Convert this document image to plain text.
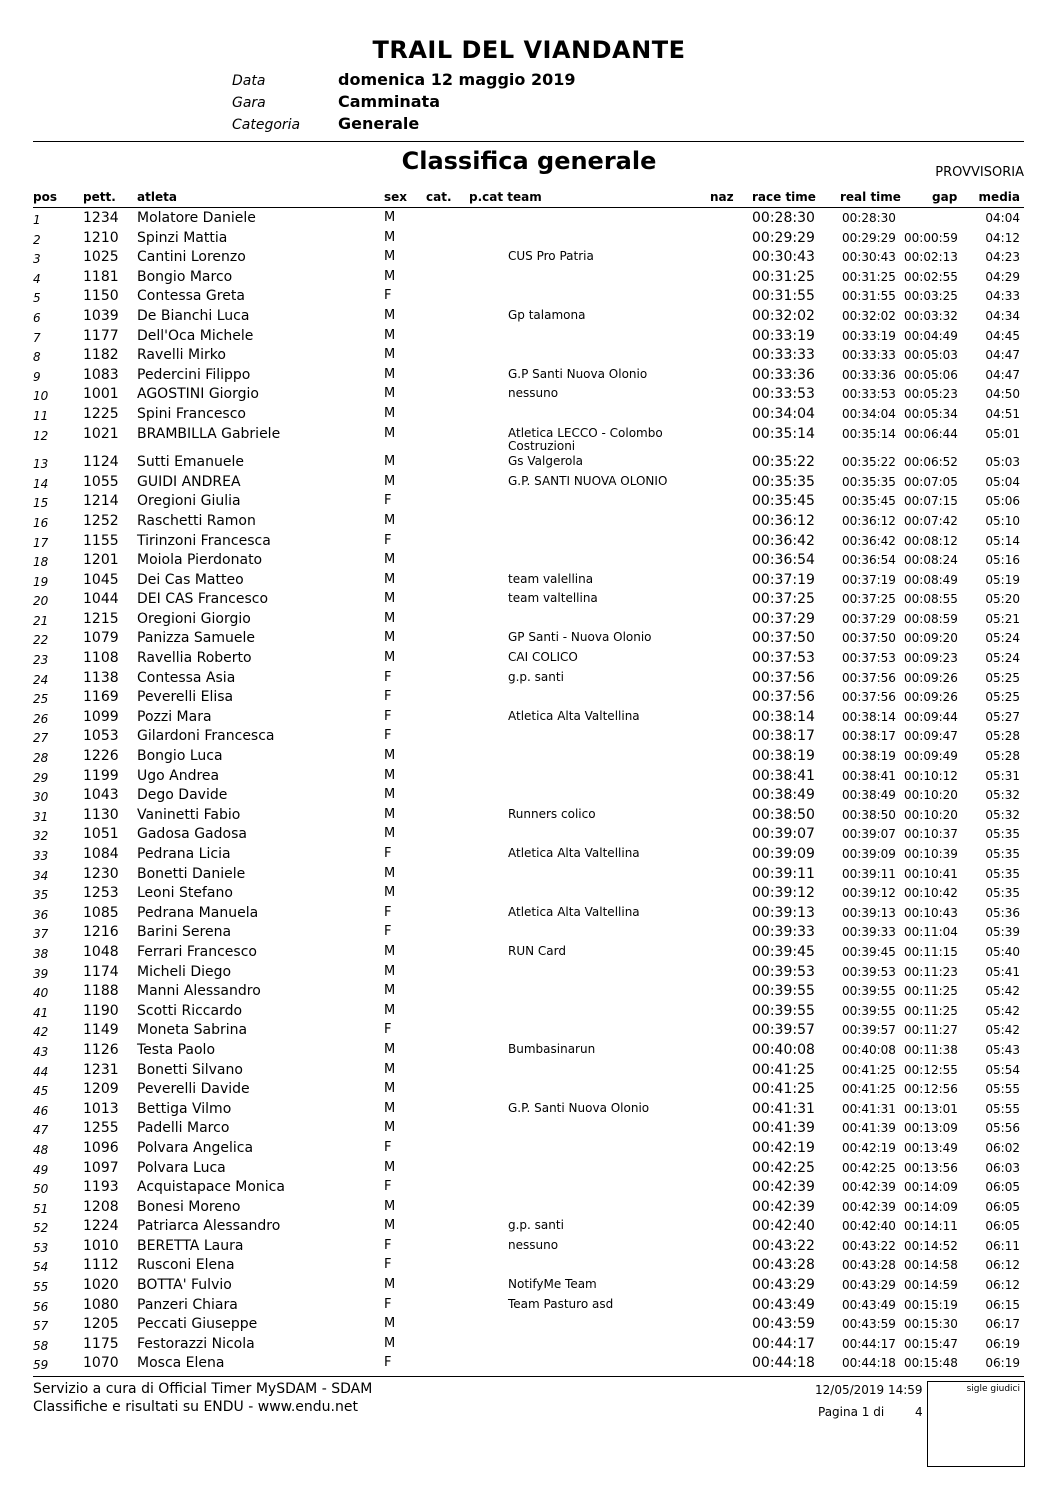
TRAIL DEL VIANDANTE
Data	domenica 12 maggio 2019
Gara	Camminata
Categoria Generale
Classifica generale	PROVVISORIA
pos pett. atleta	sex cat. p.cat team	naz race time real time	gap media
1	1234 Molatore Daniele	M	00:28:30 00:28:30	04:04
2	1210 Spinzi Mattia	M	00:29:29 00:29:29 00:00:59 04:12
3	1025 Cantini Lorenzo	M	CUS Pro Patria	00:30:43 00:30:43 00:02:13 04:23
4	1181 Bongio Marco	M	00:31:25 00:31:25 00:02:55 04:29
5	1150 Contessa Greta	F	00:31:55 00:31:55 00:03:25 04:33
6	1039 De Bianchi Luca	M	Gp talamona	00:32:02 00:32:02 00:03:32 04:34
7	1177 Dell'Oca Michele	M	00:33:19 00:33:19 00:04:49 04:45
8	1182 Ravelli Mirko	M	00:33:33 00:33:33 00:05:03 04:47
9	1083 Pedercini Filippo	M	G.P Santi Nuova Olonio	00:33:36 00:33:36 00:05:06 04:47
10 1001 AGOSTINI Giorgio	M	nessuno	00:33:53 00:33:53 00:05:23 04:50
11 1225 Spini Francesco	M	00:34:04 00:34:04 00:05:34 04:51
12 1021 BRAMBILLA Gabriele	M	Atletica LECCO - Colombo Costruzioni
00:35:14 00:35:14 00:06:44 05:01
13 1124 Sutti Emanuele	M	Gs Valgerola	00:35:22 00:35:22 00:06:52 05:03
14 1055 GUIDI ANDREA	M	G.P. SANTI NUOVA OLONIO	00:35:35 00:35:35 00:07:05 05:04
15 1214 Oregioni Giulia	F	00:35:45 00:35:45 00:07:15 05:06
16 1252 Raschetti Ramon	M	00:36:12 00:36:12 00:07:42 05:10
17 1155 Tirinzoni Francesca	F	00:36:42 00:36:42 00:08:12 05:14
18 1201 Moiola Pierdonato	M	00:36:54 00:36:54 00:08:24 05:16
19 1045 Dei Cas Matteo	M	team valellina	00:37:19 00:37:19 00:08:49 05:19
20 1044 DEI CAS Francesco	M	team valtellina	00:37:25 00:37:25 00:08:55 05:20
21 1215 Oregioni Giorgio	M	00:37:29 00:37:29 00:08:59 05:21
22 1079 Panizza Samuele	M	GP Santi - Nuova Olonio	00:37:50 00:37:50 00:09:20 05:24
23 1108 Ravellia Roberto	M	CAI COLICO	00:37:53 00:37:53 00:09:23 05:24
24 1138 Contessa Asia	F	g.p. santi	00:37:56 00:37:56 00:09:26 05:25
25 1169 Peverelli Elisa	F	00:37:56 00:37:56 00:09:26 05:25
26 1099 Pozzi Mara	F	Atletica Alta Valtellina	00:38:14 00:38:14 00:09:44 05:27
27 1053 Gilardoni Francesca	F	00:38:17 00:38:17 00:09:47 05:28
28 1226 Bongio Luca	M	00:38:19 00:38:19 00:09:49 05:28
29 1199 Ugo Andrea	M	00:38:41 00:38:41 00:10:12 05:31
30 1043 Dego Davide	M	00:38:49 00:38:49 00:10:20 05:32
31 1130 Vaninetti Fabio	M	Runners colico	00:38:50 00:38:50 00:10:20 05:32
32 1051 Gadosa Gadosa	M	00:39:07 00:39:07 00:10:37 05:35
33 1084 Pedrana Licia	F	Atletica Alta Valtellina	00:39:09 00:39:09 00:10:39 05:35
34 1230 Bonetti Daniele	M	00:39:11 00:39:11 00:10:41 05:35
35 1253 Leoni Stefano	M	00:39:12 00:39:12 00:10:42 05:35
36 1085 Pedrana Manuela	F	Atletica Alta Valtellina	00:39:13 00:39:13 00:10:43 05:36
37 1216 Barini Serena	F	00:39:33 00:39:33 00:11:04 05:39
38 1048 Ferrari Francesco	M	RUN Card	00:39:45 00:39:45 00:11:15 05:40
39 1174 Micheli Diego	M	00:39:53 00:39:53 00:11:23 05:41
40 1188 Manni Alessandro	M	00:39:55 00:39:55 00:11:25 05:42
41 1190 Scotti Riccardo	M	00:39:55 00:39:55 00:11:25 05:42
42 1149 Moneta Sabrina	F	00:39:57 00:39:57 00:11:27 05:42
43 1126 Testa Paolo	M	Bumbasinarun	00:40:08 00:40:08 00:11:38 05:43
44 1231 Bonetti Silvano	M	00:41:25 00:41:25 00:12:55 05:54
45 1209 Peverelli Davide	M	00:41:25 00:41:25 00:12:56 05:55
46 1013 Bettiga Vilmo	M	G.P. Santi Nuova Olonio	00:41:31 00:41:31 00:13:01 05:55
47 1255 Padelli Marco	M	00:41:39 00:41:39 00:13:09 05:56
48 1096 Polvara Angelica	F	00:42:19 00:42:19 00:13:49 06:02
49 1097 Polvara Luca	M	00:42:25 00:42:25 00:13:56 06:03
50 1193 Acquistapace Monica	F	00:42:39 00:42:39 00:14:09 06:05
51 1208 Bonesi Moreno	M	00:42:39 00:42:39 00:14:09 06:05
52 1224 Patriarca Alessandro	M	g.p. santi	00:42:40 00:42:40 00:14:11 06:05
53 1010 BERETTA Laura	F	nessuno	00:43:22 00:43:22 00:14:52 06:11
54 1112 Rusconi Elena	F	00:43:28 00:43:28 00:14:58 06:12
55 1020 BOTTA' Fulvio	M	NotifyMe Team	00:43:29 00:43:29 00:14:59 06:12
56 1080 Panzeri Chiara	F	Team Pasturo asd	00:43:49 00:43:49 00:15:19 06:15
57 1205 Peccati Giuseppe	M	00:43:59 00:43:59 00:15:30 06:17
58 1175 Festorazzi Nicola	M	00:44:17 00:44:17 00:15:47 06:19
59 1070 Mosca Elena	F	00:44:18 00:44:18 00:15:48 06:19
Servizio a cura di Official Timer MySDAM - SDAM
Classifiche e risultati su ENDU - www.endu.net
12/05/2019 14:59
Pagina 1 di	4
sigle giudici
